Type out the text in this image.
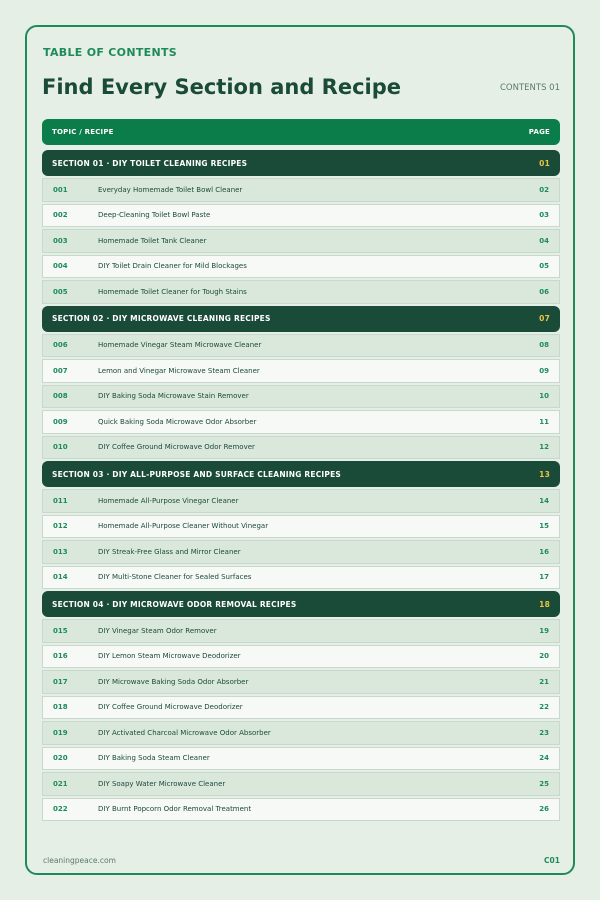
TABLE OF CONTENTS
Find Every Section and Recipe	CONTENTS 01
TOPIC / RECIPE	PAGE
SECTION 01 · DIY TOILET CLEANING RECIPES	01
001	Everyday Homemade Toilet Bowl Cleaner	02
002	Deep-Cleaning Toilet Bowl Paste	03
003	Homemade Toilet Tank Cleaner	04
004	DIY Toilet Drain Cleaner for Mild Blockages	05
005	Homemade Toilet Cleaner for Tough Stains	06
SECTION 02 · DIY MICROWAVE CLEANING RECIPES	07
006	Homemade Vinegar Steam Microwave Cleaner	08
007	Lemon and Vinegar Microwave Steam Cleaner	09
008	DIY Baking Soda Microwave Stain Remover	10
009	Quick Baking Soda Microwave Odor Absorber	11
010	DIY Coffee Ground Microwave Odor Remover	12
SECTION 03 · DIY ALL-PURPOSE AND SURFACE CLEANING RECIPES	13
011	Homemade All-Purpose Vinegar Cleaner	14
012	Homemade All-Purpose Cleaner Without Vinegar	15
013	DIY Streak-Free Glass and Mirror Cleaner	16
014	DIY Multi-Stone Cleaner for Sealed Surfaces	17
SECTION 04 · DIY MICROWAVE ODOR REMOVAL RECIPES	18
015	DIY Vinegar Steam Odor Remover	19
016	DIY Lemon Steam Microwave Deodorizer	20
017	DIY Microwave Baking Soda Odor Absorber	21
018	DIY Coffee Ground Microwave Deodorizer	22
019	DIY Activated Charcoal Microwave Odor Absorber	23
020	DIY Baking Soda Steam Cleaner	24
021	DIY Soapy Water Microwave Cleaner	25
022	DIY Burnt Popcorn Odor Removal Treatment	26
cleaningpeace.com	C01
